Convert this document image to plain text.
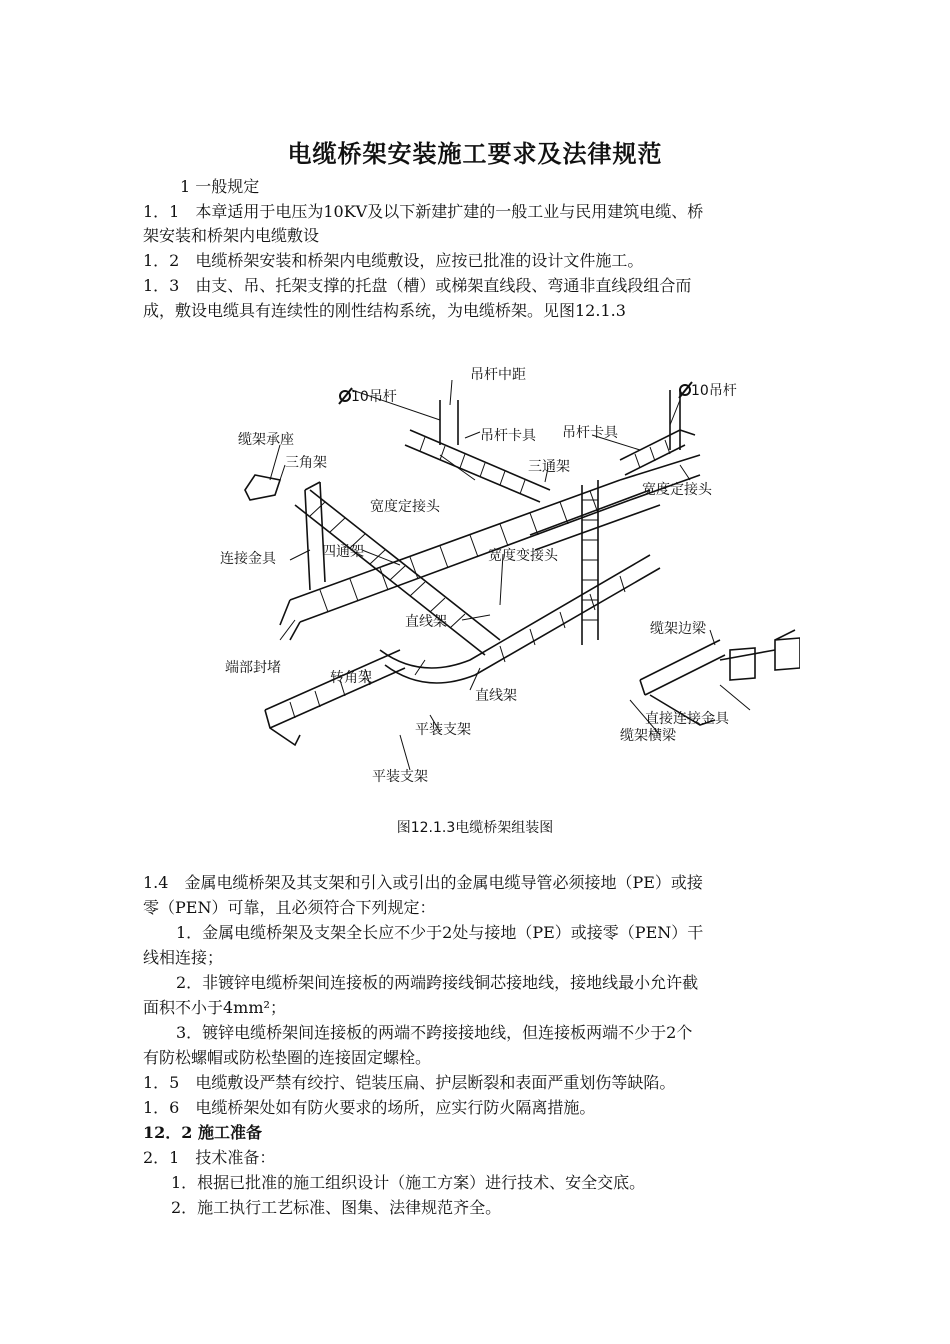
电缆桥架安装施工要求及法律规范
1 一般规定
1．1　本章适用于电压为10KV及以下新建扩建的一般工业与民用建筑电缆、桥
架安装和桥架内电缆敷设
1．2　电缆桥架安装和桥架内电缆敷设，应按已批准的设计文件施工。
1．3　由支、吊、托架支撑的托盘（槽）或梯架直线段、弯通非直线段组合而
成，敷设电缆具有连续性的刚性结构系统，为电缆桥架。见图12.1.3
吊杆中距
10吊杆	10吊杆
吊杆卡具 吊杆卡具
缆架承座
三角架	三通架
宽度定接头
宽度定接头
连接金具	四通架	宽度变接头
直线架
端部封堵
转角架
直线架
缆架边梁
直接连接金具
缆架横梁
平装支架
平装支架
图12.1.3电缆桥架组装图
1.4　金属电缆桥架及其支架和引入或引出的金属电缆导管必须接地（PE）或接
零（PEN）可靠，且必须符合下列规定：
　1．金属电缆桥架及支架全长应不少于2处与接地（PE）或接零（PEN）干
线相连接；
　2．非镀锌电缆桥架间连接板的两端跨接线铜芯接地线，接地线最小允许截
面积不小于4mm²；
　3．镀锌电缆桥架间连接板的两端不跨接接地线，但连接板两端不少于2个
有防松螺帽或防松垫圈的连接固定螺栓。
1．5　电缆敷设严禁有绞拧、铠装压扁、护层断裂和表面严重划伤等缺陷。
1．6　电缆桥架处如有防火要求的场所，应实行防火隔离措施。
12．2 施工准备
2．1　技术准备：
　1．根据已批准的施工组织设计（施工方案）进行技术、安全交底。
　2．施工执行工艺标准、图集、法律规范齐全。
